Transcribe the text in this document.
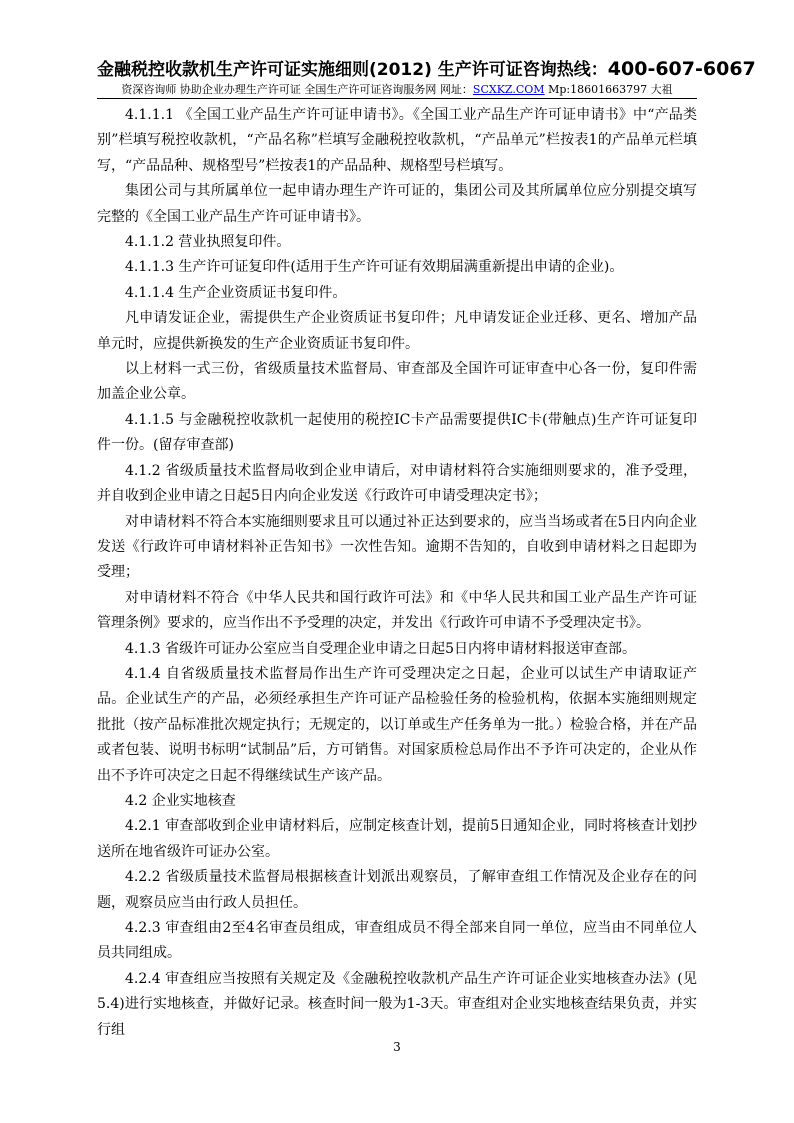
金融税控收款机生产许可证实施细则(2012) 生产许可证咨询热线：400-607-6067
资深咨询师 协助企业办理生产许可证 全国生产许可证咨询服务网 网址：SCXKZ.COM Mp:18601663797 大祖

4.1.1.1 《全国工业产品生产许可证申请书》。《全国工业产品生产许可证申请书》中“产品类别”栏填写税控收款机，“产品名称”栏填写金融税控收款机，“产品单元”栏按表1的产品单元栏填写，“产品品种、规格型号”栏按表1的产品品种、规格型号栏填写。

集团公司与其所属单位一起申请办理生产许可证的，集团公司及其所属单位应分别提交填写完整的《全国工业产品生产许可证申请书》。

4.1.1.2 营业执照复印件。

4.1.1.3 生产许可证复印件(适用于生产许可证有效期届满重新提出申请的企业)。

4.1.1.4 生产企业资质证书复印件。

凡申请发证企业，需提供生产企业资质证书复印件；凡申请发证企业迁移、更名、增加产品单元时，应提供新换发的生产企业资质证书复印件。

以上材料一式三份，省级质量技术监督局、审查部及全国许可证审查中心各一份，复印件需加盖企业公章。

4.1.1.5 与金融税控收款机一起使用的税控IC卡产品需要提供IC卡(带触点)生产许可证复印件一份。(留存审查部)

4.1.2 省级质量技术监督局收到企业申请后，对申请材料符合实施细则要求的，准予受理，并自收到企业申请之日起5日内向企业发送《行政许可申请受理决定书》；

对申请材料不符合本实施细则要求且可以通过补正达到要求的，应当当场或者在5日内向企业发送《行政许可申请材料补正告知书》一次性告知。逾期不告知的，自收到申请材料之日起即为受理；

对申请材料不符合《中华人民共和国行政许可法》和《中华人民共和国工业产品生产许可证管理条例》要求的，应当作出不予受理的决定，并发出《行政许可申请不予受理决定书》。

4.1.3 省级许可证办公室应当自受理企业申请之日起5日内将申请材料报送审查部。

4.1.4 自省级质量技术监督局作出生产许可受理决定之日起，企业可以试生产申请取证产品。企业试生产的产品，必须经承担生产许可证产品检验任务的检验机构，依据本实施细则规定批批（按产品标准批次规定执行；无规定的，以订单或生产任务单为一批。）检验合格，并在产品或者包装、说明书标明“试制品”后，方可销售。对国家质检总局作出不予许可决定的，企业从作出不予许可决定之日起不得继续试生产该产品。

4.2 企业实地核查

4.2.1 审查部收到企业申请材料后，应制定核查计划，提前5日通知企业，同时将核查计划抄送所在地省级许可证办公室。

4.2.2 省级质量技术监督局根据核查计划派出观察员，了解审查组工作情况及企业存在的问题，观察员应当由行政人员担任。

4.2.3 审查组由2至4名审查员组成，审查组成员不得全部来自同一单位，应当由不同单位人员共同组成。

4.2.4 审查组应当按照有关规定及《金融税控收款机产品生产许可证企业实地核查办法》(见5.4)进行实地核查，并做好记录。核查时间一般为1-3天。审查组对企业实地核查结果负责，并实行组

3
